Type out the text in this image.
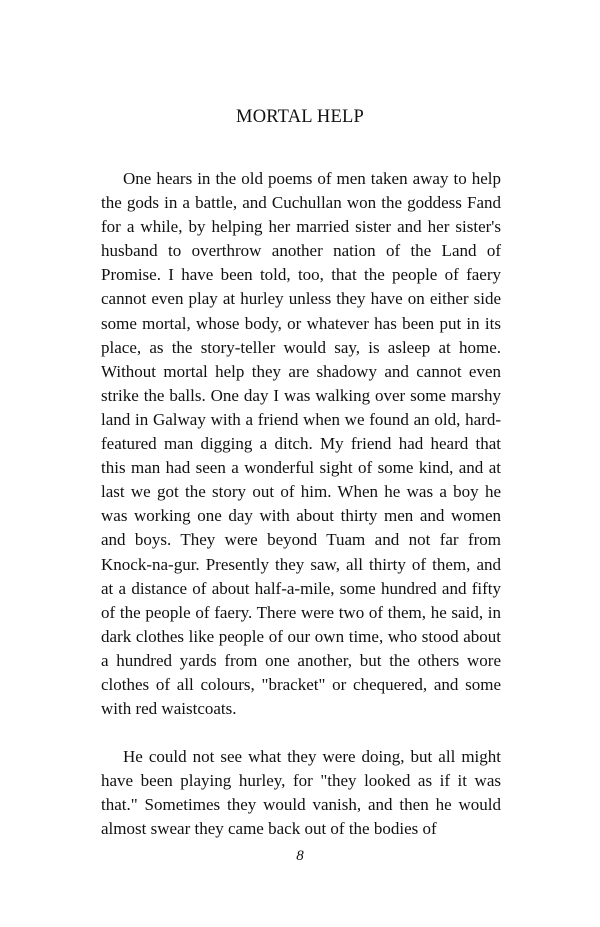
MORTAL HELP

One hears in the old poems of men taken away to help the gods in a battle, and Cuchullan won the goddess Fand for a while, by helping her married sister and her sister's husband to overthrow another nation of the Land of Promise. I have been told, too, that the people of faery cannot even play at hurley unless they have on either side some mortal, whose body, or whatever has been put in its place, as the story-teller would say, is asleep at home. Without mortal help they are shadowy and cannot even strike the balls. One day I was walking over some marshy land in Galway with a friend when we found an old, hard-featured man digging a ditch. My friend had heard that this man had seen a wonderful sight of some kind, and at last we got the story out of him. When he was a boy he was working one day with about thirty men and women and boys. They were beyond Tuam and not far from Knock-na-gur. Presently they saw, all thirty of them, and at a distance of about half-a-mile, some hundred and fifty of the people of faery. There were two of them, he said, in dark clothes like people of our own time, who stood about a hundred yards from one another, but the others wore clothes of all colours, "bracket" or chequered, and some with red waistcoats.

He could not see what they were doing, but all might have been playing hurley, for "they looked as if it was that." Sometimes they would vanish, and then he would almost swear they came back out of the bodies of

8
